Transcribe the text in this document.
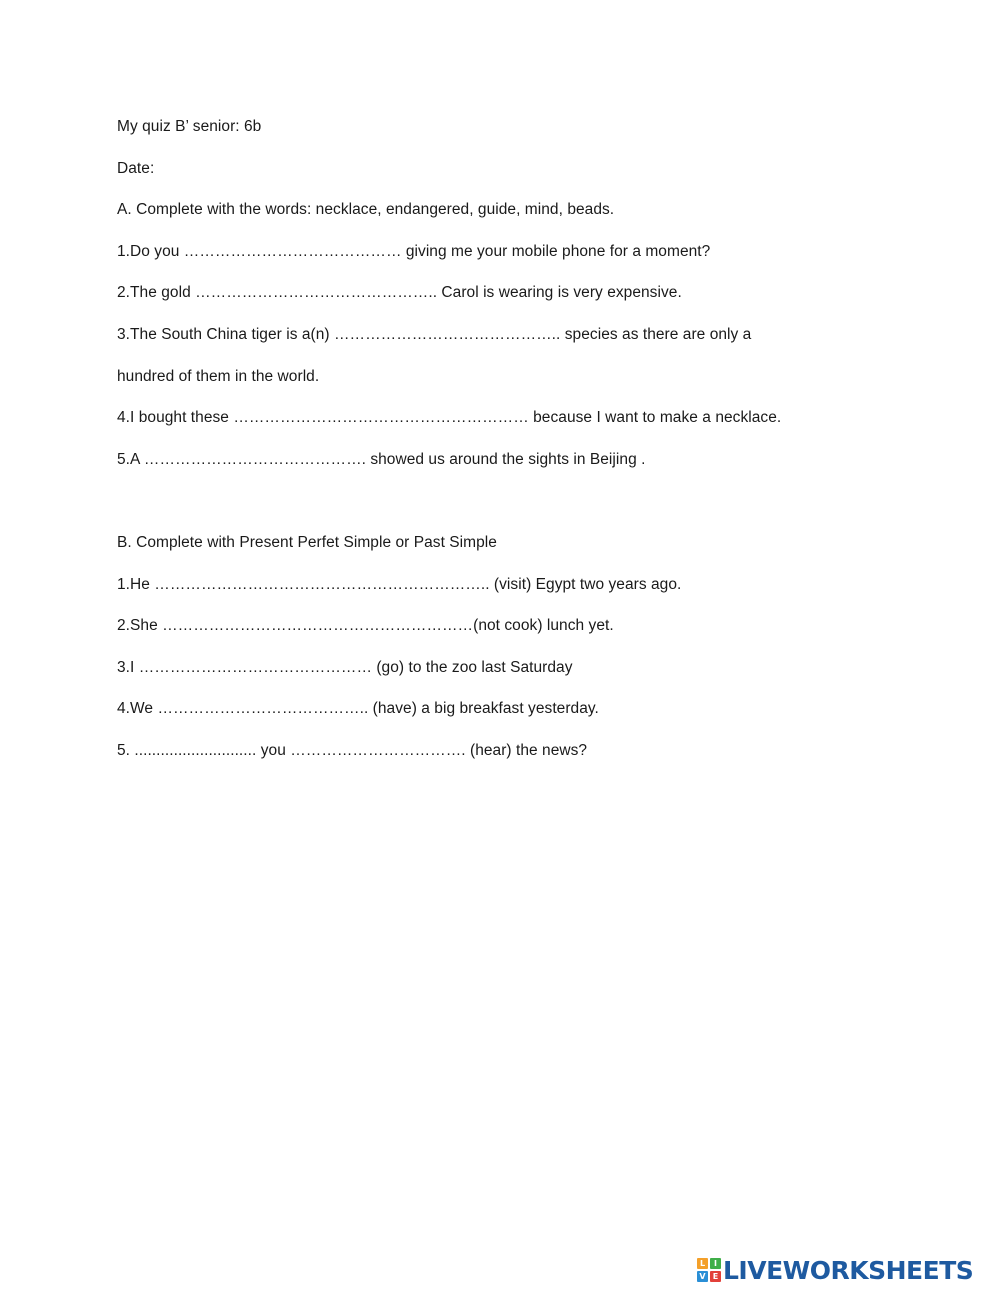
My quiz B’ senior: 6b
Date:
A. Complete with the words: necklace, endangered, guide, mind, beads.
1.Do you …………………………………… giving me your mobile phone for a moment?
2.The gold ……………………………………….. Carol is wearing is very expensive.
3.The South China tiger is a(n) …………………………………….. species as there are only a
hundred of them in the world.
4.I bought these ………………………………………………… because I want to make a necklace.
5.A ……………………………………. showed us around the sights in Beijing .
B. Complete with Present Perfet Simple or Past Simple
1.He ……………………………………………………….. (visit) Egypt two years ago.
2.She ……………………………………………………(not cook) lunch yet.
3.I ……………………………………… (go) to the zoo last Saturday
4.We ………………………………….. (have) a big breakfast yesterday.
5. ............................ you ……………………………. (hear) the news?
L	I
V E LIVEWORKSHEETS
